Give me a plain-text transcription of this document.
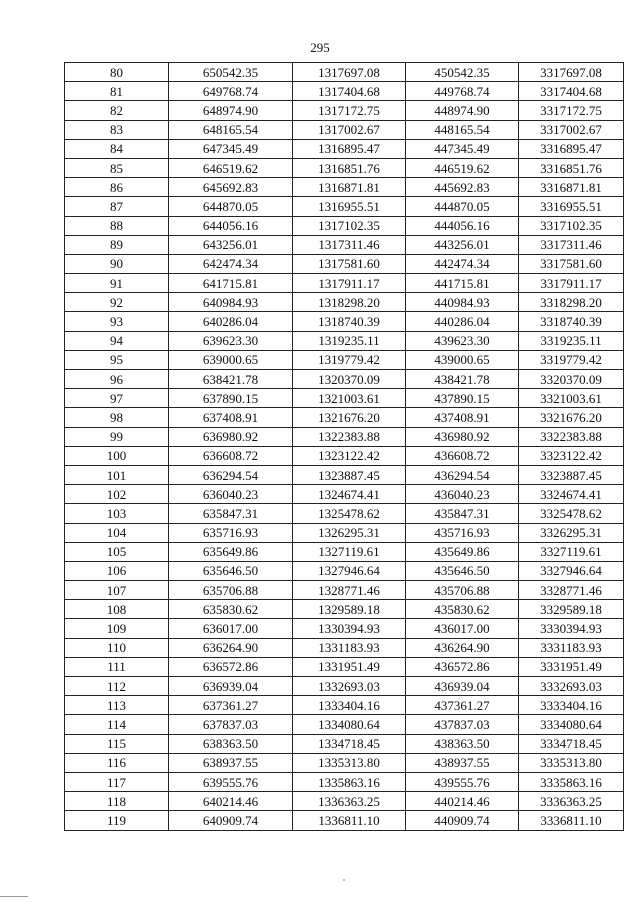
295
80	650542.35	1317697.08	450542.35	3317697.08
81	649768.74	1317404.68	449768.74	3317404.68
82	648974.90	1317172.75	448974.90	3317172.75
83	648165.54	1317002.67	448165.54	3317002.67
84	647345.49	1316895.47	447345.49	3316895.47
85	646519.62	1316851.76	446519.62	3316851.76
86	645692.83	1316871.81	445692.83	3316871.81
87	644870.05	1316955.51	444870.05	3316955.51
88	644056.16	1317102.35	444056.16	3317102.35
89	643256.01	1317311.46	443256.01	3317311.46
90	642474.34	1317581.60	442474.34	3317581.60
91	641715.81	1317911.17	441715.81	3317911.17
92	640984.93	1318298.20	440984.93	3318298.20
93	640286.04	1318740.39	440286.04	3318740.39
94	639623.30	1319235.11	439623.30	3319235.11
95	639000.65	1319779.42	439000.65	3319779.42
96	638421.78	1320370.09	438421.78	3320370.09
97	637890.15	1321003.61	437890.15	3321003.61
98	637408.91	1321676.20	437408.91	3321676.20
99	636980.92	1322383.88	436980.92	3322383.88
100	636608.72	1323122.42	436608.72	3323122.42
101	636294.54	1323887.45	436294.54	3323887.45
102	636040.23	1324674.41	436040.23	3324674.41
103	635847.31	1325478.62	435847.31	3325478.62
104	635716.93	1326295.31	435716.93	3326295.31
105	635649.86	1327119.61	435649.86	3327119.61
106	635646.50	1327946.64	435646.50	3327946.64
107	635706.88	1328771.46	435706.88	3328771.46
108	635830.62	1329589.18	435830.62	3329589.18
109	636017.00	1330394.93	436017.00	3330394.93
110	636264.90	1331183.93	436264.90	3331183.93
111	636572.86	1331951.49	436572.86	3331951.49
112	636939.04	1332693.03	436939.04	3332693.03
113	637361.27	1333404.16	437361.27	3333404.16
114	637837.03	1334080.64	437837.03	3334080.64
115	638363.50	1334718.45	438363.50	3334718.45
116	638937.55	1335313.80	438937.55	3335313.80
117	639555.76	1335863.16	439555.76	3335863.16
118	640214.46	1336363.25	440214.46	3336363.25
119	640909.74	1336811.10	440909.74	3336811.10
